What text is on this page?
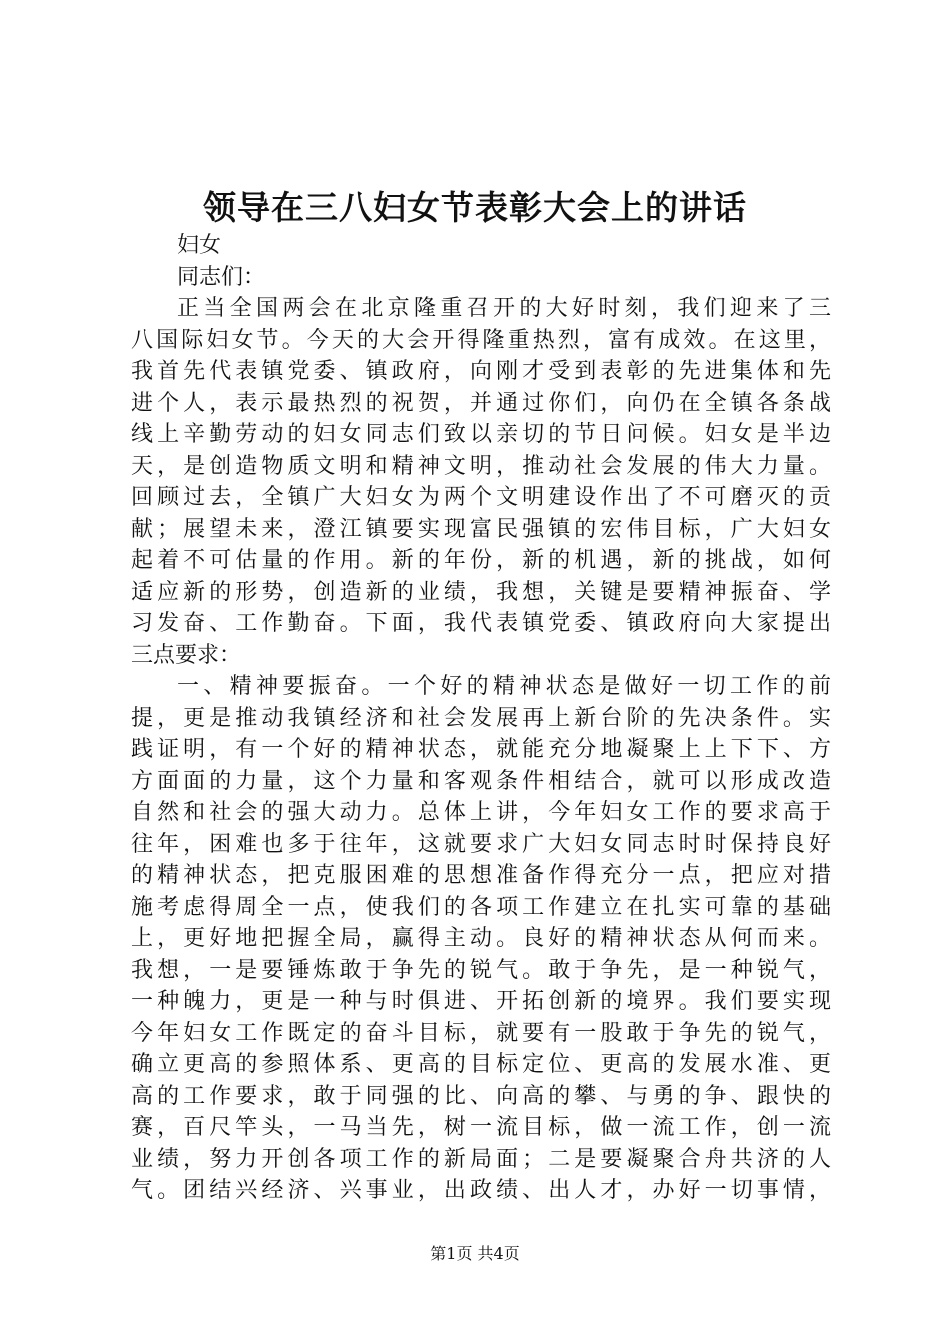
领导在三八妇女节表彰大会上的讲话
妇女
同志们：
正当全国两会在北京隆重召开的大好时刻，我们迎来了三
八国际妇女节。今天的大会开得隆重热烈，富有成效。在这里，
我首先代表镇党委、镇政府，向刚才受到表彰的先进集体和先
进个人，表示最热烈的祝贺，并通过你们，向仍在全镇各条战
线上辛勤劳动的妇女同志们致以亲切的节日问候。妇女是半边
天，是创造物质文明和精神文明，推动社会发展的伟大力量。
回顾过去，全镇广大妇女为两个文明建设作出了不可磨灭的贡
献；展望未来，澄江镇要实现富民强镇的宏伟目标，广大妇女
起着不可估量的作用。新的年份，新的机遇，新的挑战，如何
适应新的形势，创造新的业绩，我想，关键是要精神振奋、学
习发奋、工作勤奋。下面，我代表镇党委、镇政府向大家提出
三点要求：
一、精神要振奋。一个好的精神状态是做好一切工作的前
提，更是推动我镇经济和社会发展再上新台阶的先决条件。实
践证明，有一个好的精神状态，就能充分地凝聚上上下下、方
方面面的力量，这个力量和客观条件相结合，就可以形成改造
自然和社会的强大动力。总体上讲，今年妇女工作的要求高于
往年，困难也多于往年，这就要求广大妇女同志时时保持良好
的精神状态，把克服困难的思想准备作得充分一点，把应对措
施考虑得周全一点，使我们的各项工作建立在扎实可靠的基础
上，更好地把握全局，赢得主动。良好的精神状态从何而来。
我想，一是要锤炼敢于争先的锐气。敢于争先，是一种锐气，
一种魄力，更是一种与时俱进、开拓创新的境界。我们要实现
今年妇女工作既定的奋斗目标，就要有一股敢于争先的锐气，
确立更高的参照体系、更高的目标定位、更高的发展水准、更
高的工作要求，敢于同强的比、向高的攀、与勇的争、跟快的
赛，百尺竿头，一马当先，树一流目标，做一流工作，创一流
业绩，努力开创各项工作的新局面；二是要凝聚合舟共济的人
气。团结兴经济、兴事业，出政绩、出人才，办好一切事情，
第1页 共4页
